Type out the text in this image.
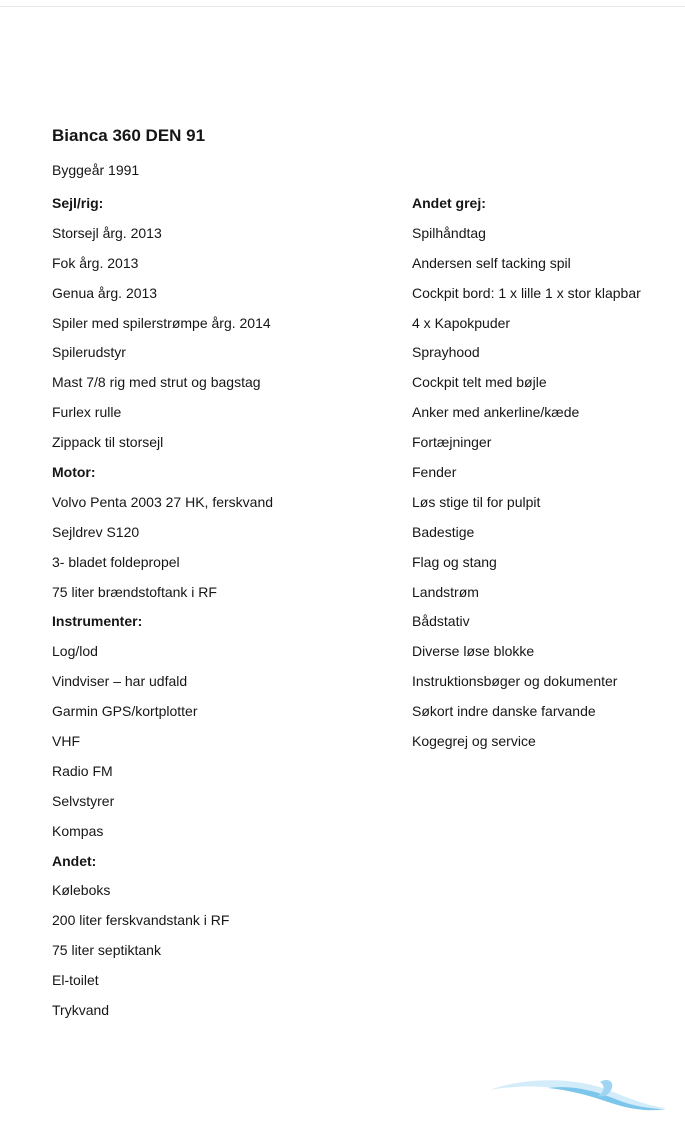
Bianca 360 DEN 91

Byggeår 1991

Sejl/rig:
Storsejl årg. 2013
Fok årg. 2013
Genua årg. 2013
Spiler med spilerstrømpe årg. 2014
Spilerudstyr
Mast 7/8 rig med strut og bagstag
Furlex rulle
Zippack til storsejl
Motor:
Volvo Penta 2003 27 HK, ferskvand
Sejldrev S120
3- bladet foldepropel
75 liter brændstoftank i RF
Instrumenter:
Log/lod
Vindviser – har udfald
Garmin GPS/kortplotter
VHF
Radio FM
Selvstyrer
Kompas
Andet:
Køleboks
200 liter ferskvandstank i RF
75 liter septiktank
El-toilet
Trykvand
Andet grej:
Spilhåndtag
Andersen self tacking spil
Cockpit bord: 1 x lille 1 x stor klapbar
4 x Kapokpuder
Sprayhood
Cockpit telt med bøjle
Anker med ankerline/kæde
Fortæjninger
Fender
Løs stige til for pulpit
Badestige
Flag og stang
Landstrøm
Bådstativ
Diverse løse blokke
Instruktionsbøger og dokumenter
Søkort indre danske farvande
Kogegrej og service
